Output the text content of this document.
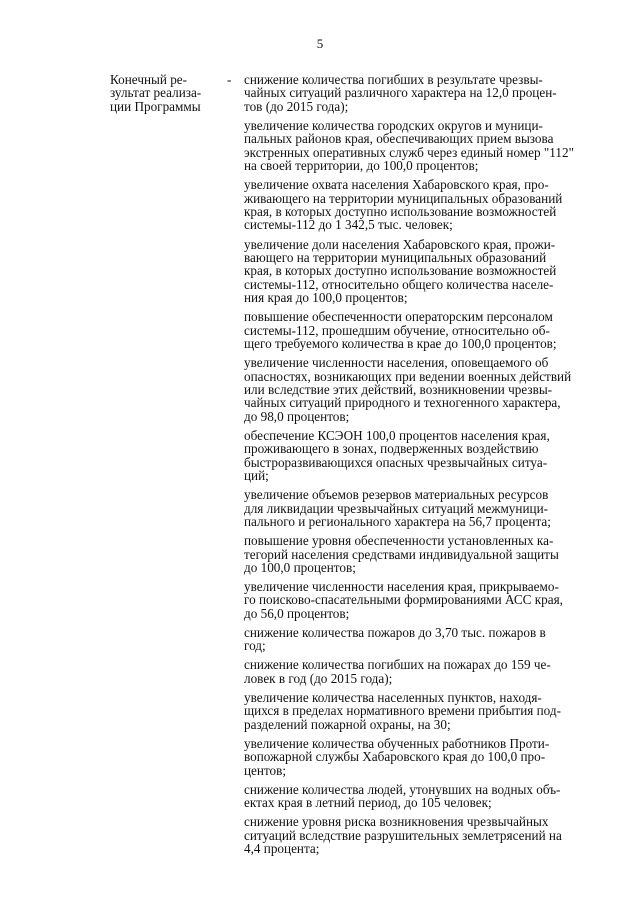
5
Конечный ре-
зультат реализа-
ции Программы
- снижение количества погибших в результате чрезвы-
чайных ситуаций различного характера на 12,0 процен-
тов (до 2015 года);

увеличение количества городских округов и муници-
пальных районов края, обеспечивающих прием вызова
экстренных оперативных служб через единый номер "112"
на своей территории, до 100,0 процентов;

увеличение охвата населения Хабаровского края, про-
живающего на территории муниципальных образований
края, в которых доступно использование возможностей
системы-112 до 1 342,5 тыс. человек;

увеличение доли населения Хабаровского края, прожи-
вающего на территории муниципальных образований
края, в которых доступно использование возможностей
системы-112, относительно общего количества населе-
ния края до 100,0 процентов;

повышение обеспеченности операторским персоналом
системы-112, прошедшим обучение, относительно об-
щего требуемого количества в крае до 100,0 процентов;

увеличение численности населения, оповещаемого об
опасностях, возникающих при ведении военных действий
или вследствие этих действий, возникновении чрезвы-
чайных ситуаций природного и техногенного характера,
до 98,0 процентов;

обеспечение КСЭОН 100,0 процентов населения края,
проживающего в зонах, подверженных воздействию
быстроразвивающихся опасных чрезвычайных ситуа-
ций;

увеличение объемов резервов материальных ресурсов
для ликвидации чрезвычайных ситуаций межмуници-
пального и регионального характера на 56,7 процента;

повышение уровня обеспеченности установленных ка-
тегорий населения средствами индивидуальной защиты
до 100,0 процентов;

увеличение численности населения края, прикрываемо-
го поисково-спасательными формированиями АСС края,
до 56,0 процентов;

снижение количества пожаров до 3,70 тыс. пожаров в
год;

снижение количества погибших на пожарах до 159 че-
ловек в год (до 2015 года);

увеличение количества населенных пунктов, находя-
щихся в пределах нормативного времени прибытия под-
разделений пожарной охраны, на 30;

увеличение количества обученных работников Проти-
вопожарной службы Хабаровского края до 100,0 про-
центов;

снижение количества людей, утонувших на водных объ-
ектах края в летний период, до 105 человек;

снижение уровня риска возникновения чрезвычайных
ситуаций вследствие разрушительных землетрясений на
4,4 процента;
